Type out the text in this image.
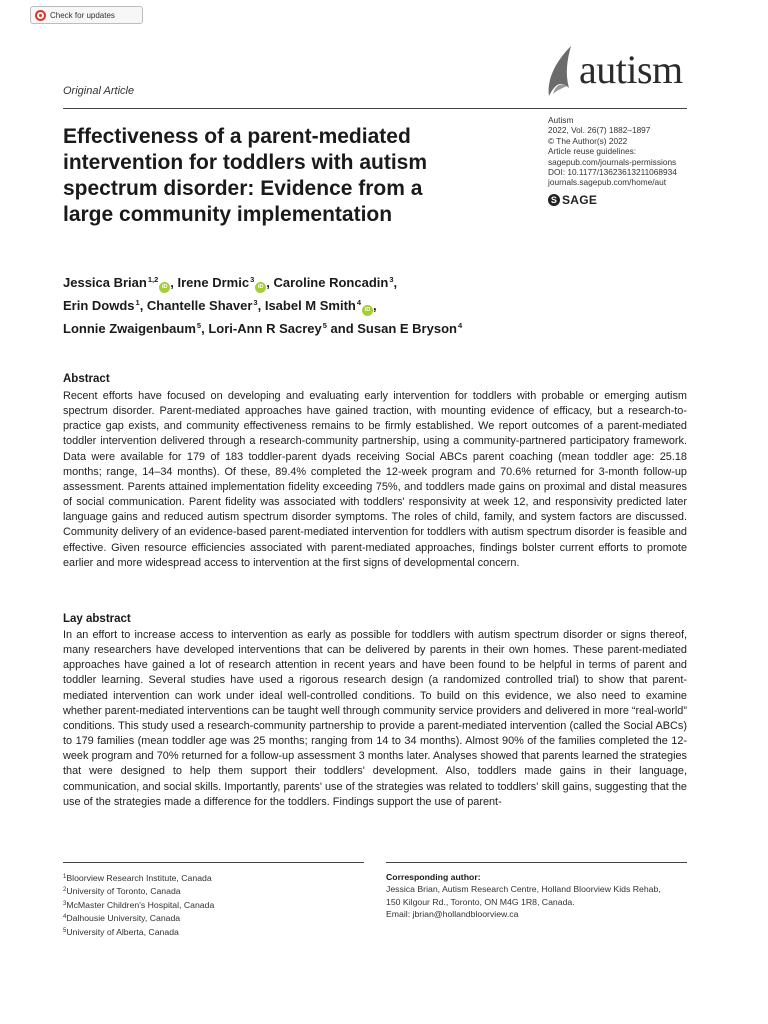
Check for updates
autism
Original Article
Autism
2022, Vol. 26(7) 1882–1897
© The Author(s) 2022
Article reuse guidelines:
sagepub.com/journals-permissions
DOI: 10.1177/13623613211068934
journals.sagepub.com/home/aut
S SAGE
Effectiveness of a parent-mediated
intervention for toddlers with autism
spectrum disorder: Evidence from a
large community implementation
Jessica Brian$^{1,2}$iD , Irene Drmic$^3$iD , Caroline Roncadin$^3$,
Erin Dowds$^1$, Chantelle Shaver$^3$, Isabel M Smith$^4$iD ,
Lonnie Zwaigenbaum$^5$, Lori-Ann R Sacrey$^5$ and Susan E Bryson$^4$
Abstract
Recent efforts have focused on developing and evaluating early intervention for toddlers with probable or emerging autism spectrum disorder. Parent-mediated approaches have gained traction, with mounting evidence of efficacy, but a research-to-practice gap exists, and community effectiveness remains to be firmly established. We report outcomes of a parent-mediated toddler intervention delivered through a research-community partnership, using a community-partnered participatory framework. Data were available for 179 of 183 toddler-parent dyads receiving Social ABCs parent coaching (mean toddler age: 25.18 months; range, 14–34 months). Of these, 89.4% completed the 12-week program and 70.6% returned for 3-month follow-up assessment. Parents attained implementation fidelity exceeding 75%, and toddlers made gains on proximal and distal measures of social communication. Parent fidelity was associated with toddlers' responsivity at week 12, and responsivity predicted later language gains and reduced autism spectrum disorder symptoms. The roles of child, family, and system factors are discussed. Community delivery of an evidence-based parent-mediated intervention for toddlers with autism spectrum disorder is feasible and effective. Given resource efficiencies associated with parent-mediated approaches, findings bolster current efforts to promote earlier and more widespread access to intervention at the first signs of developmental concern.
Lay abstract
In an effort to increase access to intervention as early as possible for toddlers with autism spectrum disorder or signs thereof, many researchers have developed interventions that can be delivered by parents in their own homes. These parent-mediated approaches have gained a lot of research attention in recent years and have been found to be helpful in terms of parent and toddler learning. Several studies have used a rigorous research design (a randomized controlled trial) to show that parent-mediated intervention can work under ideal well-controlled conditions. To build on this evidence, we also need to examine whether parent-mediated interventions can be taught well through community service providers and delivered in more “real-world” conditions. This study used a research-community partnership to provide a parent-mediated intervention (called the Social ABCs) to 179 families (mean toddler age was 25 months; ranging from 14 to 34 months). Almost 90% of the families completed the 12-week program and 70% returned for a follow-up assessment 3 months later. Analyses showed that parents learned the strategies that were designed to help them support their toddlers' development. Also, toddlers made gains in their language, communication, and social skills. Importantly, parents' use of the strategies was related to toddlers' skill gains, suggesting that the use of the strategies made a difference for the toddlers. Findings support the use of parent-
$^1$Bloorview Research Institute, Canada
$^2$University of Toronto, Canada
$^3$McMaster Children's Hospital, Canada
$^4$Dalhousie University, Canada
$^5$University of Alberta, Canada
Corresponding author:
Jessica Brian, Autism Research Centre, Holland Bloorview Kids Rehab,
150 Kilgour Rd., Toronto, ON M4G 1R8, Canada.
Email: jbrian@hollandbloorview.ca
